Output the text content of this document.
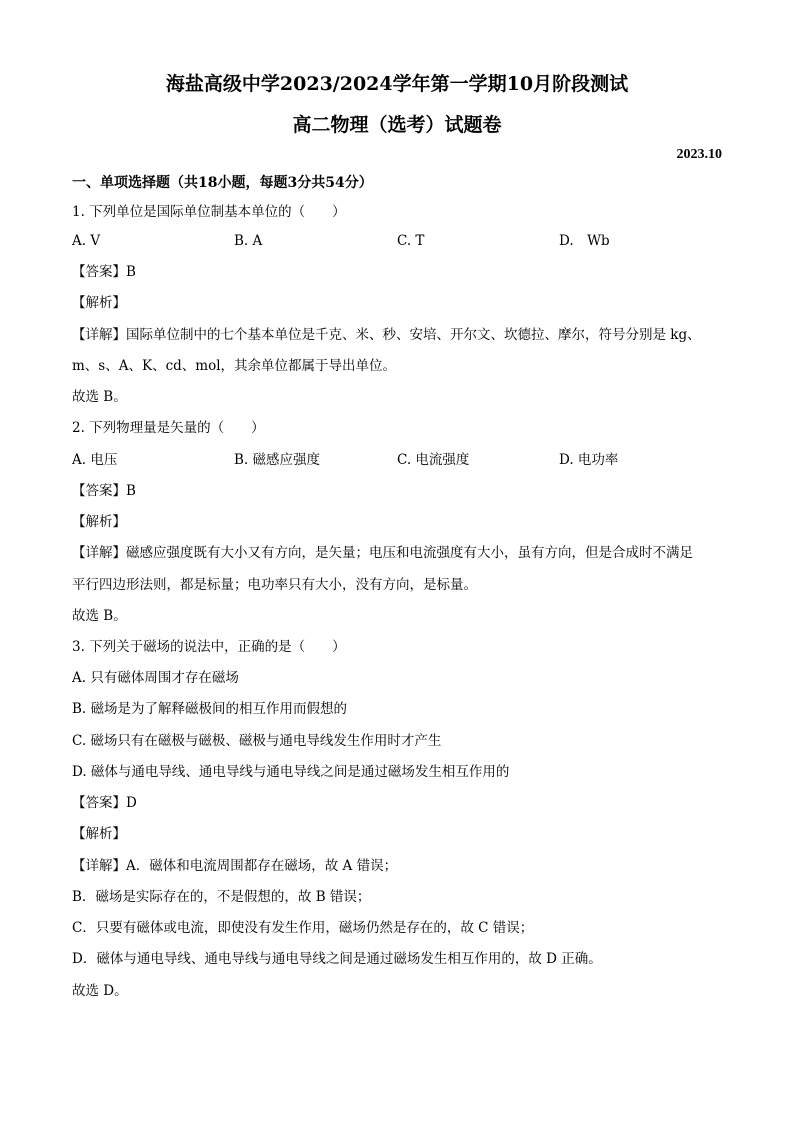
海盐高级中学2023/2024学年第一学期10月阶段测试
高二物理（选考）试题卷
2023.10
一、单项选择题（共18小题，每题3分共54分）
1. 下列单位是国际单位制基本单位的（　　）
A. V	B. A	C. T	D.　Wb
【答案】B
【解析】
【详解】国际单位制中的七个基本单位是千克、米、秒、安培、开尔文、坎德拉、摩尔，符号分别是 kg、
m、s、A、K、cd、mol，其余单位都属于导出单位。
故选 B。
2. 下列物理量是矢量的（　　）
A. 电压	B. 磁感应强度	C. 电流强度	D. 电功率
【答案】B
【解析】
【详解】磁感应强度既有大小又有方向，是矢量；电压和电流强度有大小，虽有方向，但是合成时不满足
平行四边形法则，都是标量；电功率只有大小，没有方向，是标量。
故选 B。
3. 下列关于磁场的说法中，正确的是（　　）
A. 只有磁体周围才存在磁场
B. 磁场是为了解释磁极间的相互作用而假想的
C. 磁场只有在磁极与磁极、磁极与通电导线发生作用时才产生
D. 磁体与通电导线、通电导线与通电导线之间是通过磁场发生相互作用的
【答案】D
【解析】
【详解】A．磁体和电流周围都存在磁场，故 A 错误；
B．磁场是实际存在的，不是假想的，故 B 错误；
C．只要有磁体或电流，即使没有发生作用，磁场仍然是存在的，故 C 错误；
D．磁体与通电导线、通电导线与通电导线之间是通过磁场发生相互作用的，故 D 正确。
故选 D。
